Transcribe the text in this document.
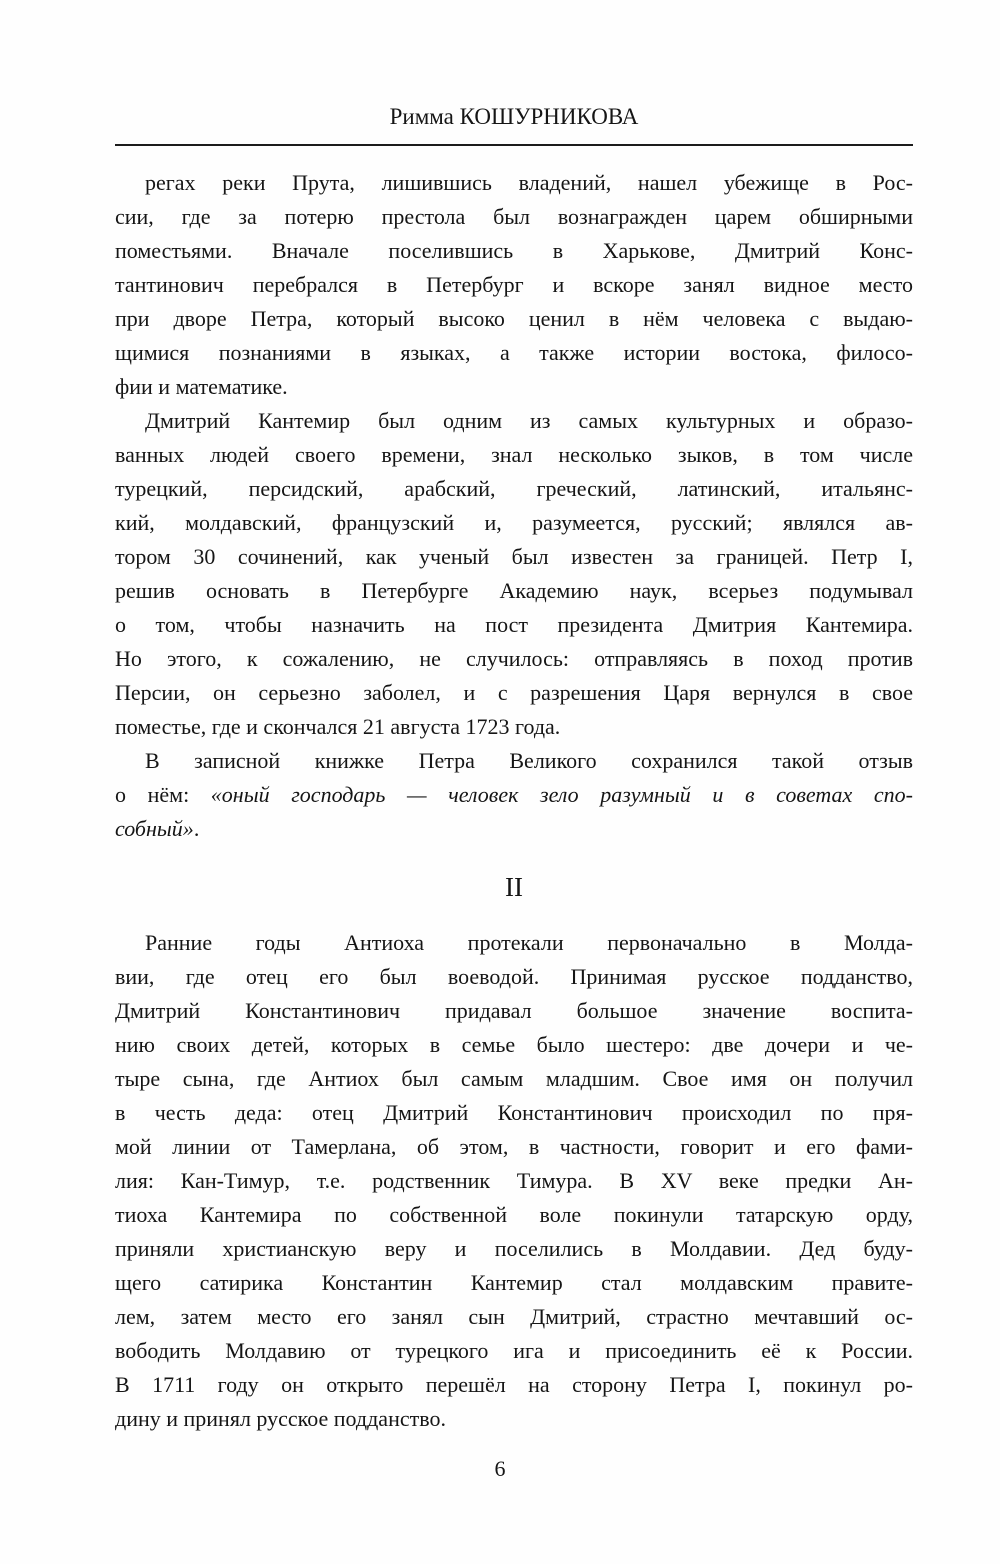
Римма КОШУРНИКОВА
регах реки Прута, лишившись владений, нашел убежище в Рос-
сии, где за потерю престола был вознагражден царем обширными
поместьями. Вначале поселившись в Харькове, Дмитрий Конс-
тантинович перебрался в Петербург и вскоре занял видное место
при дворе Петра, который высоко ценил в нём человека с выдаю-
щимися познаниями в языках, а также истории востока, филосо-
фии и математике.
Дмитрий Кантемир был одним из самых культурных и образо-
ванных людей своего времени, знал несколько зыков, в том числе
турецкий, персидский, арабский, греческий, латинский, итальянс-
кий, молдавский, французский и, разумеется, русский; являлся ав-
тором 30 сочинений, как ученый был известен за границей. Петр I,
решив основать в Петербурге Академию наук, всерьез подумывал
о том, чтобы назначить на пост президента Дмитрия Кантемира.
Но этого, к сожалению, не случилось: отправляясь в поход против
Персии, он серьезно заболел, и с разрешения Царя вернулся в свое
поместье, где и скончался 21 августа 1723 года.
В записной книжке Петра Великого сохранился такой отзыв
о нём: «оный господарь — человек зело разумный и в советах спо-
собный».
II
Ранние годы Антиоха протекали первоначально в Молда-
вии, где отец его был воеводой. Принимая русское подданство,
Дмитрий Константинович придавал большое значение воспита-
нию своих детей, которых в семье было шестеро: две дочери и че-
тыре сына, где Антиох был самым младшим. Свое имя он получил
в честь деда: отец Дмитрий Константинович происходил по пря-
мой линии от Тамерлана, об этом, в частности, говорит и его фами-
лия: Кан-Тимур, т.е. родственник Тимура. В XV веке предки Ан-
тиоха Кантемира по собственной воле покинули татарскую орду,
приняли христианскую веру и поселились в Молдавии. Дед буду-
щего сатирика Константин Кантемир стал молдавским правите-
лем, затем место его занял сын Дмитрий, страстно мечтавший ос-
вободить Молдавию от турецкого ига и присоединить её к России.
В 1711 году он открыто перешёл на сторону Петра I, покинул ро-
дину и принял русское подданство.
6
